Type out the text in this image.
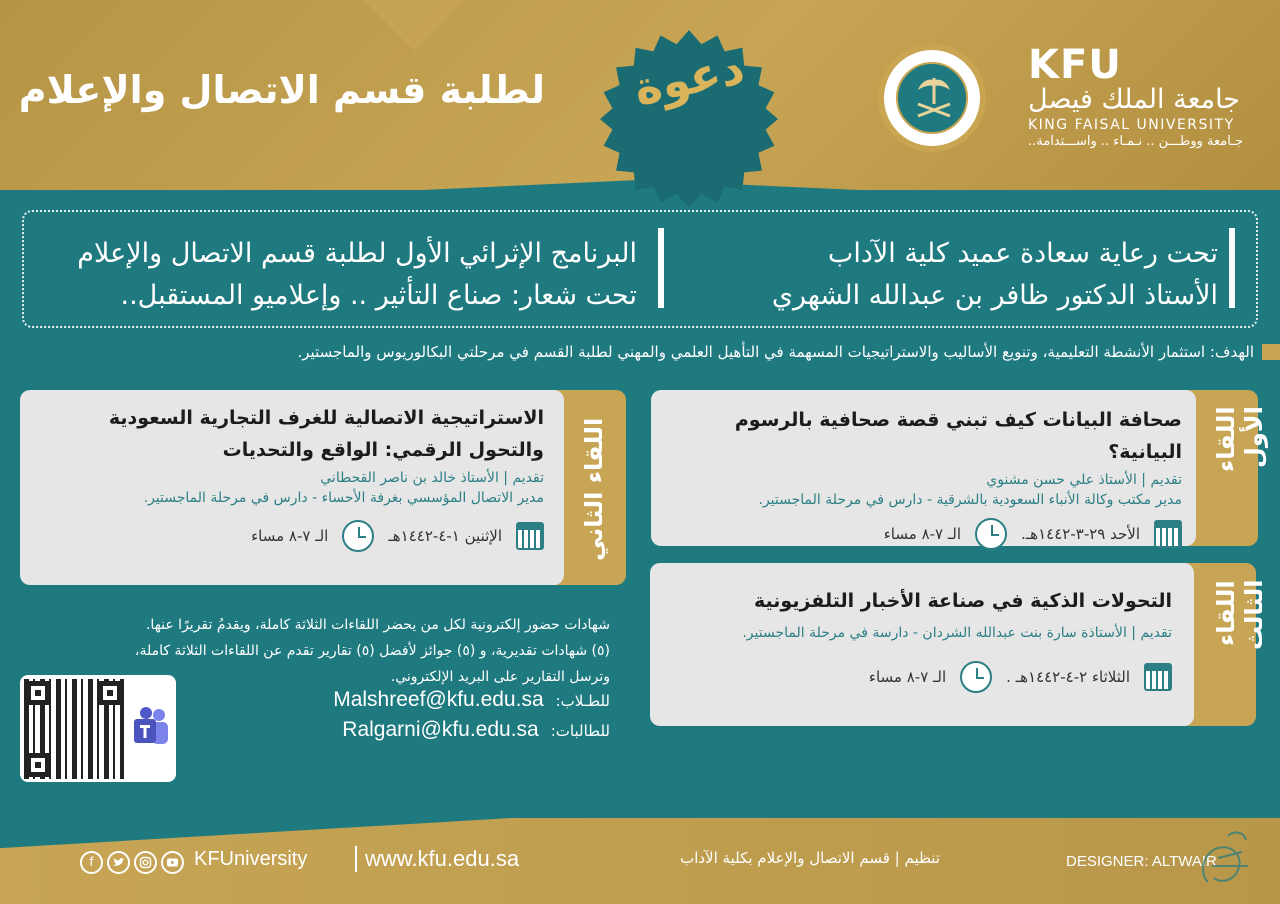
لطلبة قسم الاتصال والإعلام	دعوة	KFU
جامعة الملك فيصل
KING FAISAL UNIVERSITY
جـامعة ووطـــن .. نـمـاء .. واســـتدامة..
تحت رعاية سعادة عميد كلية الآداب
الأستاذ الدكتور ظافر بن عبدالله الشهري
البرنامج الإثرائي الأول لطلبة قسم الاتصال والإعلام
تحت شعار: صناع التأثير .. وإعلاميو المستقبل..
الهدف: استثمار الأنشطة التعليمية، وتنويع الأساليب والاستراتيجيات المسهمة في التأهيل العلمي والمهني لطلبة القسم في مرحلتي البكالوريوس والماجستير.
اللقاء الأول
صحافة البيانات كيف تبني قصة صحافية بالرسوم البيانية؟
تقديم | الأستاذ علي حسن مشنوي
مدير مكتب وكالة الأنباء السعودية بالشرقية - دارس في مرحلة الماجستير.
الأحد ٢٩-٣-١٤٤٢هـ.
الـ ٧-٨ مساء
اللقاء الثاني
الاستراتيجية الاتصالية للغرف التجارية السعودية والتحول الرقمي: الواقع والتحديات
تقديم | الأستاذ خالد بن ناصر القحطاني
مدير الاتصال المؤسسي بغرفة الأحساء - دارس في مرحلة الماجستير.
الإثنين ١-٤-١٤٤٢هـ
الـ ٧-٨ مساء
اللقاء الثالث
التحولات الذكية في صناعة الأخبار التلفزيونية
تقديم | الأستاذة سارة بنت عبدالله الشردان - دارسة في مرحلة الماجستير.
الثلاثاء ٢-٤-١٤٤٢هـ .
الـ ٧-٨ مساء
شهادات حضور إلكترونية لكل من يحضر اللقاءات الثلاثة كاملة، ويقدمُ تقريرًا عنها.
(٥) شهادات تقديرية، و (٥) جوائز لأفضل (٥) تقارير تقدم عن اللقاءات الثلاثة كاملة،
وترسل التقارير على البريد الإلكتروني.
للطـلاب:
Malshreef@kfu.edu.sa
للطالبات:
Ralgarni@kfu.edu.sa
DESIGNER: ALTWAIR
تنظيم | قسم الاتصال والإعلام بكلية الآداب
www.kfu.edu.sa
KFUniversity
f
